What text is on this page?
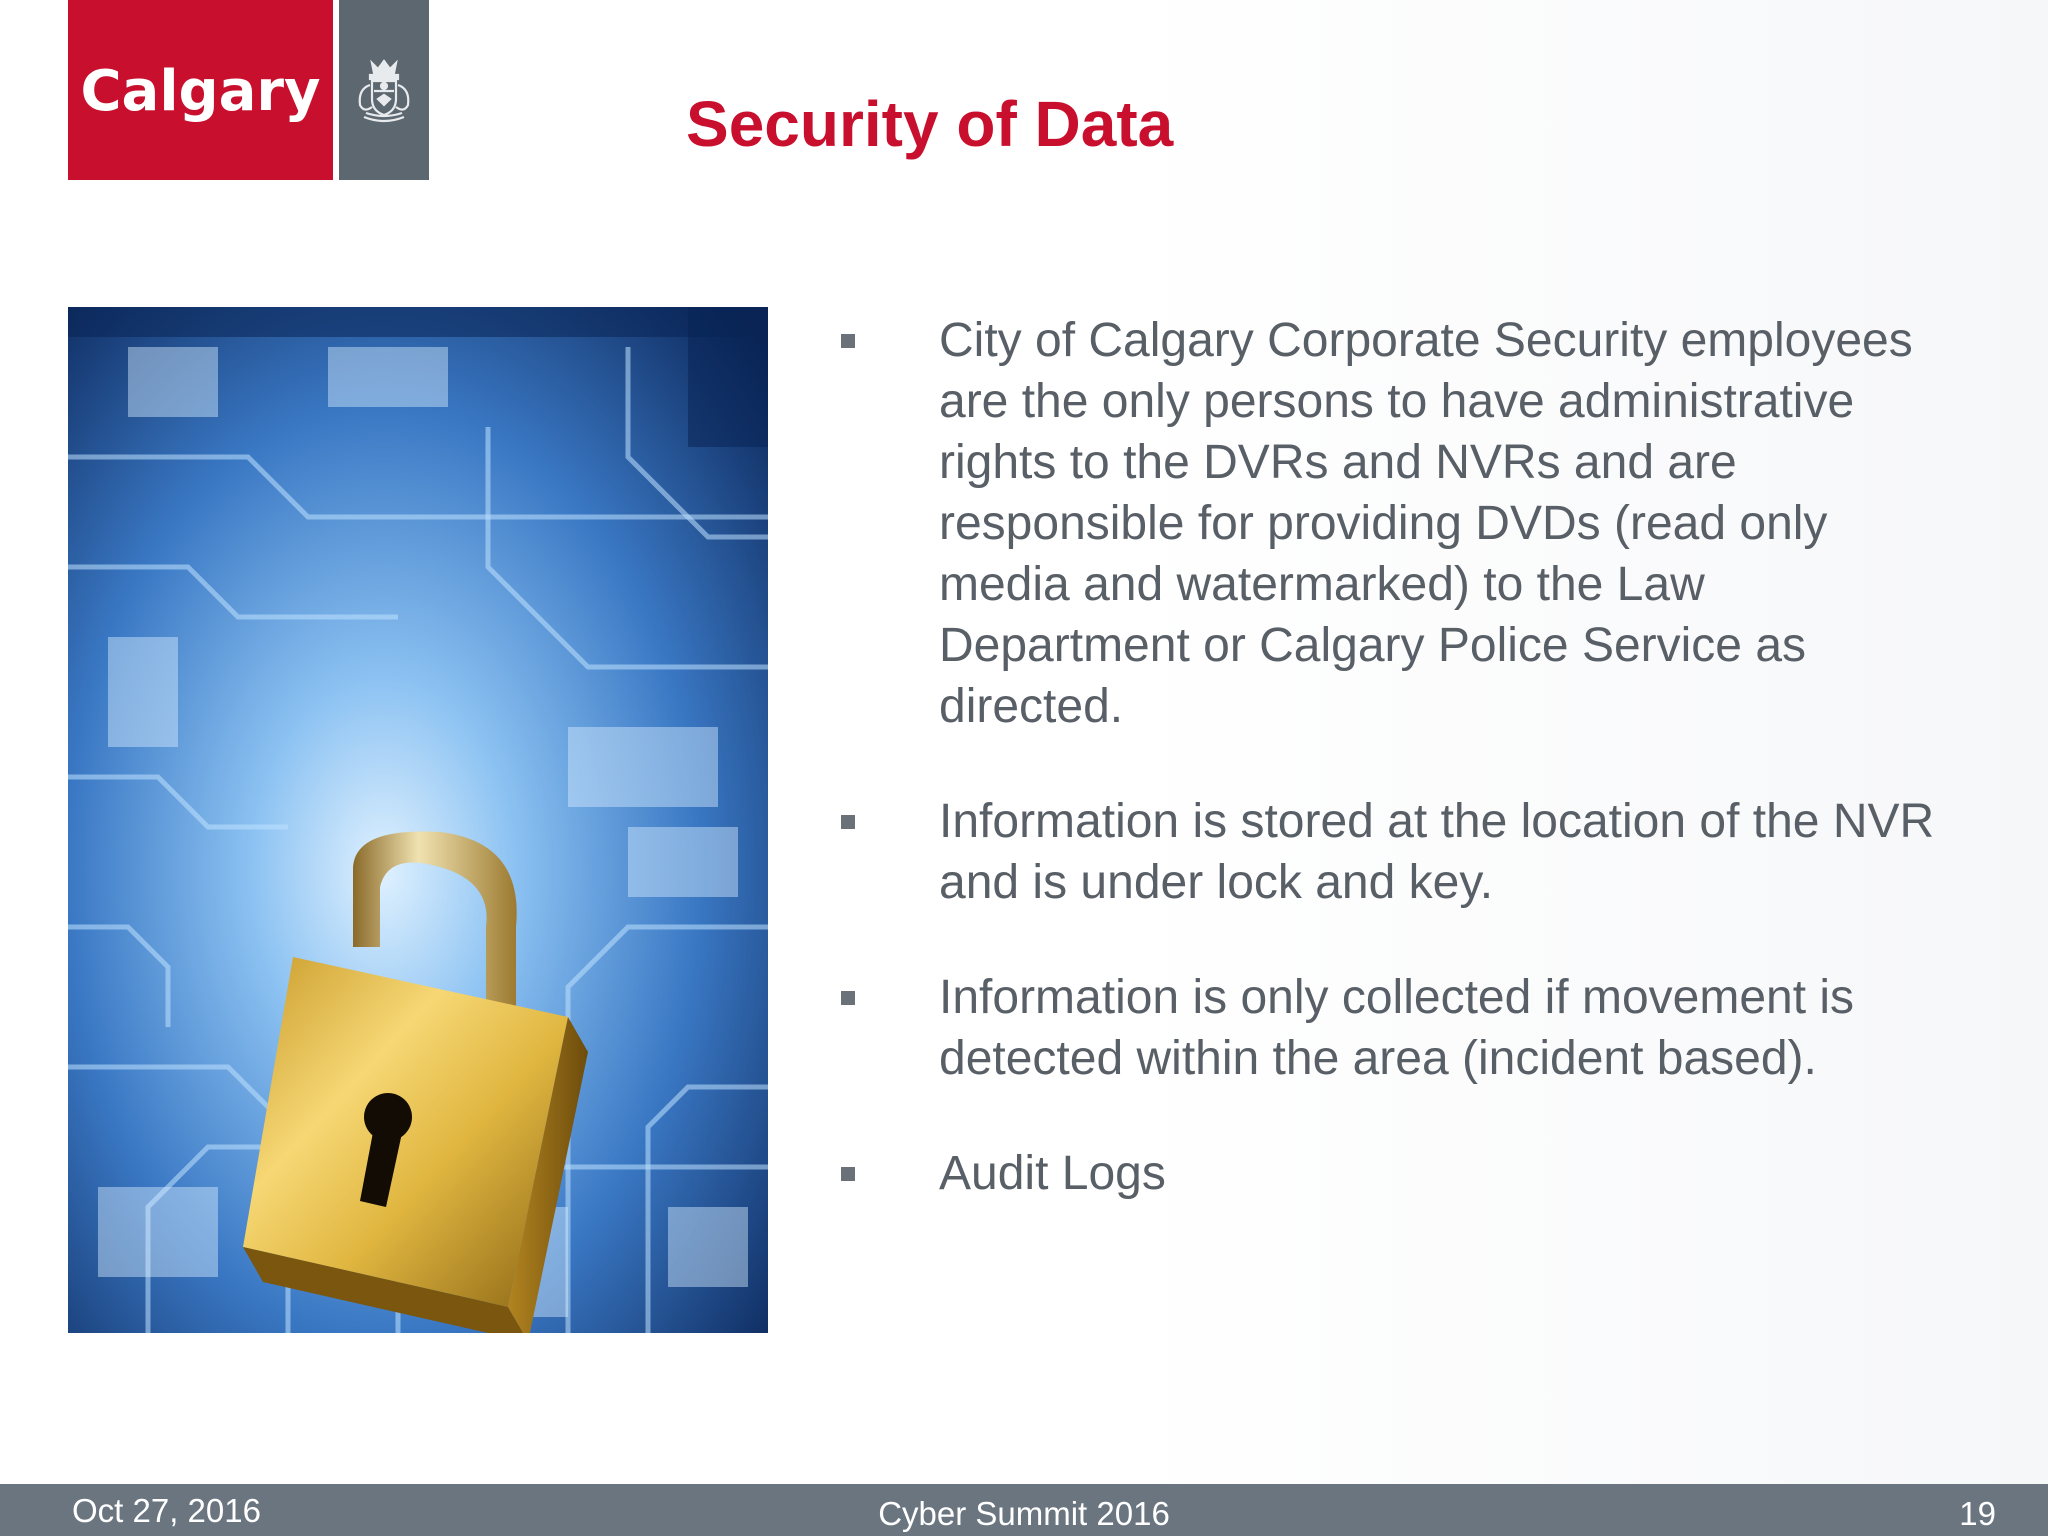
Calgary	Security of Data
City of Calgary Corporate Security employees are the only persons to have administrative rights to the DVRs and NVRs and are responsible for providing DVDs (read only media and watermarked) to the Law Department or Calgary Police Service as directed.
Information is stored at the location of the NVR and is under lock and key.
Information is only collected if movement is detected within the area (incident based).
Audit Logs
Oct 27, 2016	Cyber Summit 2016	19
